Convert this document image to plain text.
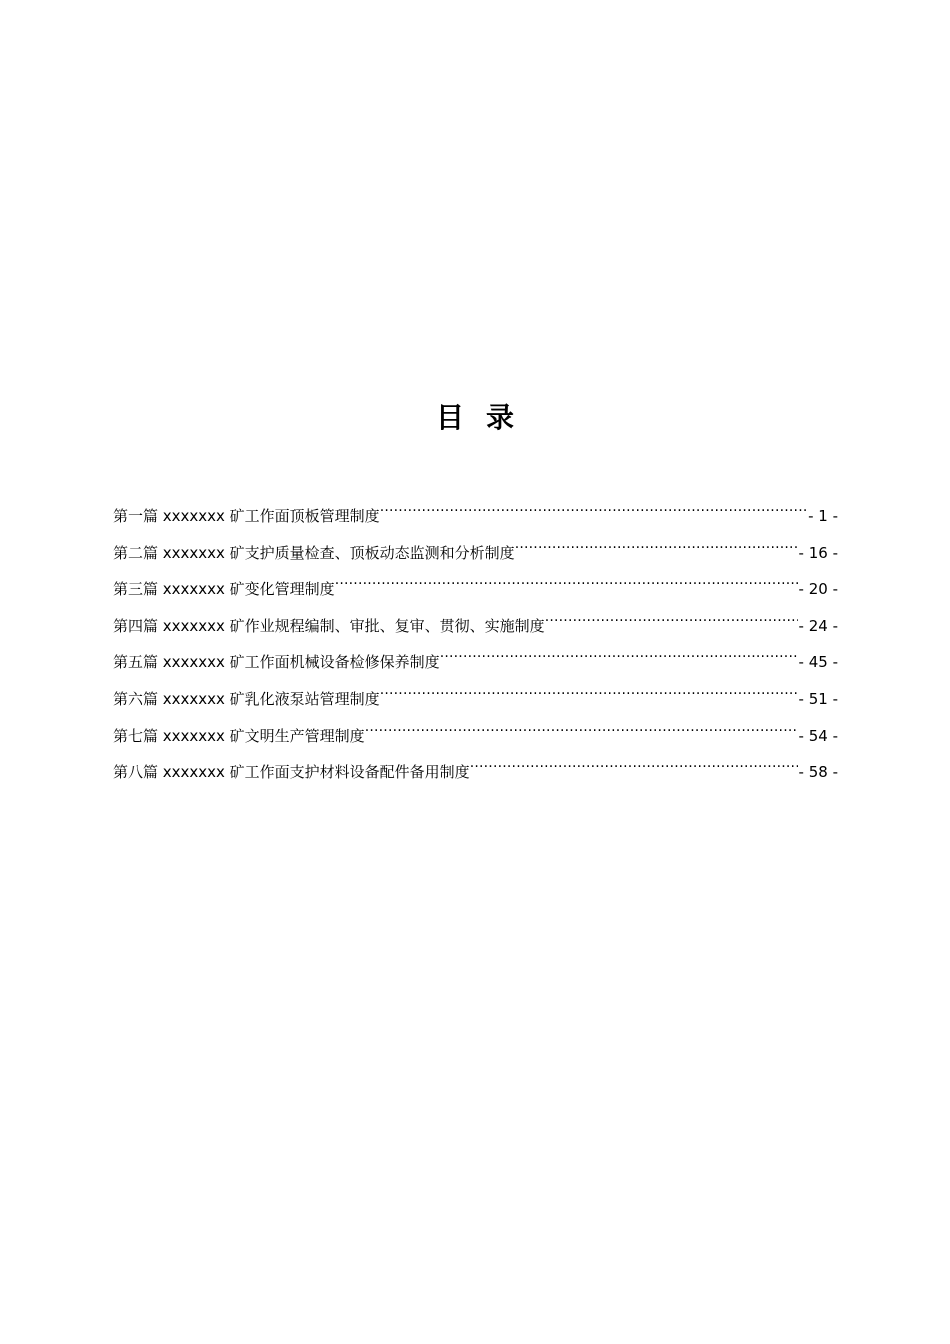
目录
第一篇 xxxxxxx 矿工作面顶板管理制度 .....	- 1 -
第二篇 xxxxxxx 矿支护质量检查、顶板动态监测和分析制度 .....	- 16 -
第三篇 xxxxxxx 矿变化管理制度 .....	- 20 -
第四篇 xxxxxxx 矿作业规程编制、审批、复审、贯彻、实施制度 .....	- 24 -
第五篇 xxxxxxx 矿工作面机械设备检修保养制度 .....	- 45 -
第六篇 xxxxxxx 矿乳化液泵站管理制度 .....	- 51 -
第七篇 xxxxxxx 矿文明生产管理制度 .....	- 54 -
第八篇 xxxxxxx 矿工作面支护材料设备配件备用制度 .....	- 58 -
